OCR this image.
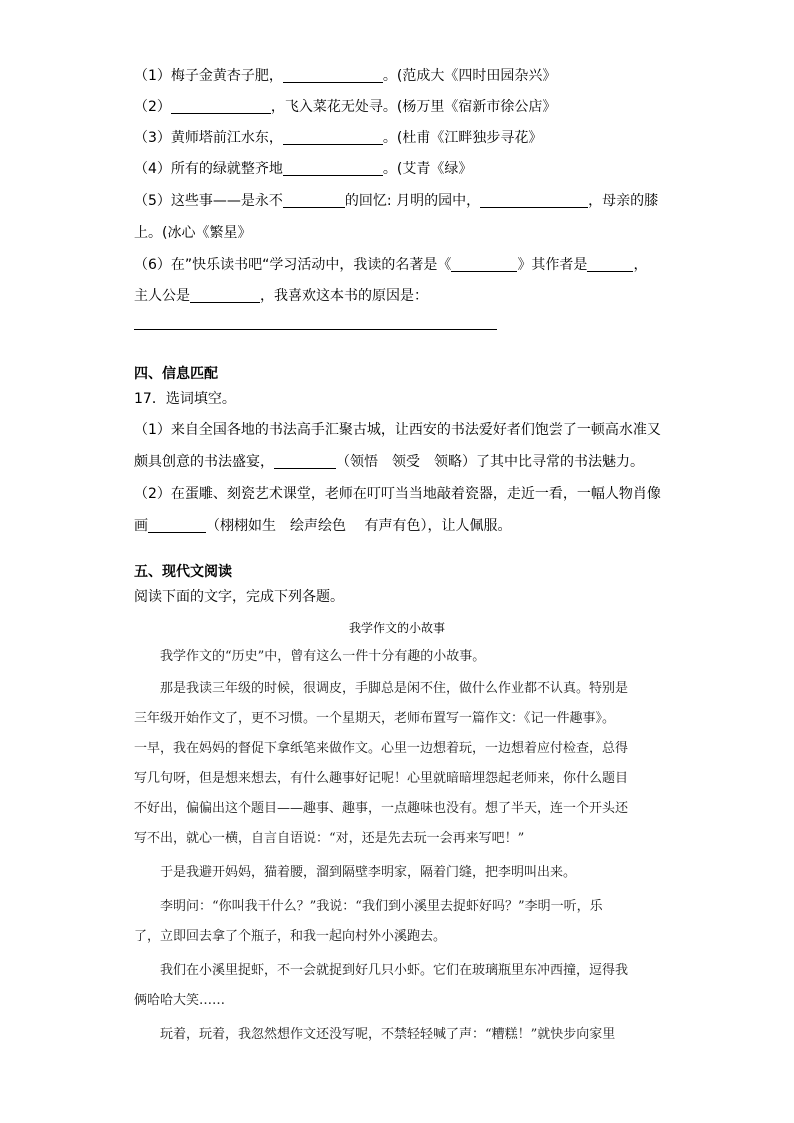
（1）梅子金黄杏子肥，	。(范成大《四时田园杂兴》
（2）	，飞入菜花无处寻。(杨万里《宿新市徐公店》
（3）黄师塔前江水东，	。(杜甫《江畔独步寻花》
（4）所有的绿就整齐地	。(艾青《绿》
（5）这些事——是永不	的回忆: 月明的园中，	，母亲的膝
上。(冰心《繁星》
（6）在”快乐读书吧“学习活动中，我读的名著是《	》其作者是	，
主人公是	，我喜欢这本书的原因是：
四、信息匹配
17．选词填空。
（1）来自全国各地的书法高手汇聚古城，让西安的书法爱好者们饱尝了一顿高水准又
颇具创意的书法盛宴，	（领悟　领受　领略）了其中比寻常的书法魅力。
（2）在蛋雕、刻瓷艺术课堂，老师在叮叮当当地敲着瓷器，走近一看，一幅人物肖像
画	（栩栩如生　绘声绘色　 有声有色），让人佩服。
五、现代文阅读
阅读下面的文字，完成下列各题。
我学作文的小故事
　　我学作文的“历史”中，曾有这么一件十分有趣的小故事。
　　那是我读三年级的时候，很调皮，手脚总是闲不住，做什么作业都不认真。特别是
三年级开始作文了，更不习惯。一个星期天，老师布置写一篇作文：《记一件趣事》。
一早，我在妈妈的督促下拿纸笔来做作文。心里一边想着玩，一边想着应付检查，总得
写几句呀，但是想来想去，有什么趣事好记呢！心里就暗暗埋怨起老师来，你什么题目
不好出，偏偏出这个题目——趣事、趣事，一点趣味也没有。想了半天，连一个开头还
写不出，就心一横，自言自语说：“对，还是先去玩一会再来写吧！”
　　于是我避开妈妈，猫着腰，溜到隔壁李明家，隔着门缝，把李明叫出来。
　　李明问：“你叫我干什么？”我说：“我们到小溪里去捉虾好吗？”李明一听，乐
了，立即回去拿了个瓶子，和我一起向村外小溪跑去。
　　我们在小溪里捉虾，不一会就捉到好几只小虾。它们在玻璃瓶里东冲西撞，逗得我
俩哈哈大笑……
　　玩着，玩着，我忽然想作文还没写呢，不禁轻轻喊了声：“糟糕！”就快步向家里
